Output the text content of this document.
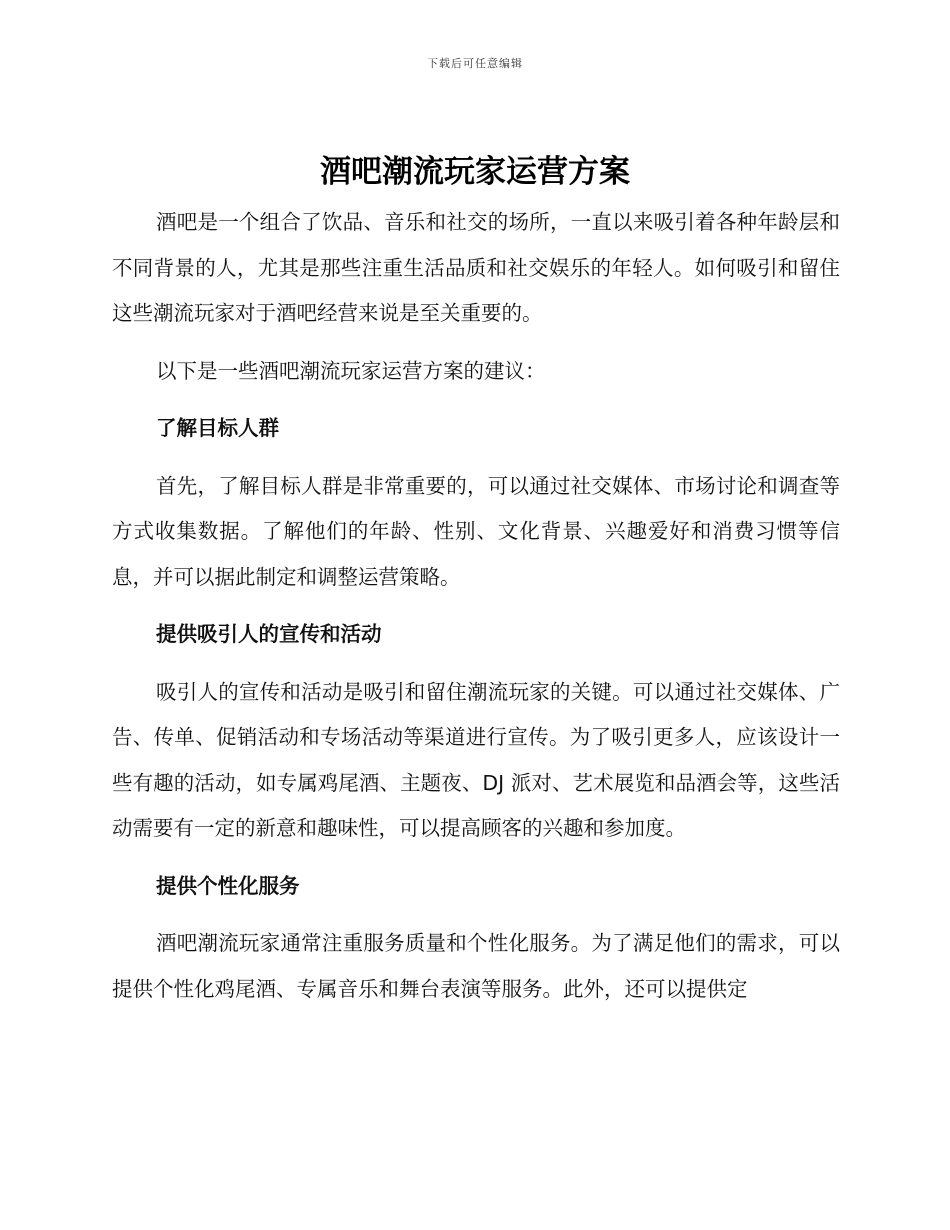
下载后可任意编辑
酒吧潮流玩家运营方案

酒吧是一个组合了饮品、音乐和社交的场所，一直以来吸引着各种年龄层和不同背景的人，尤其是那些注重生活品质和社交娱乐的年轻人。如何吸引和留住这些潮流玩家对于酒吧经营来说是至关重要的。

以下是一些酒吧潮流玩家运营方案的建议：

了解目标人群

首先，了解目标人群是非常重要的，可以通过社交媒体、市场讨论和调查等方式收集数据。了解他们的年龄、性别、文化背景、兴趣爱好和消费习惯等信息，并可以据此制定和调整运营策略。

提供吸引人的宣传和活动

吸引人的宣传和活动是吸引和留住潮流玩家的关键。可以通过社交媒体、广告、传单、促销活动和专场活动等渠道进行宣传。为了吸引更多人，应该设计一些有趣的活动，如专属鸡尾酒、主题夜、DJ 派对、艺术展览和品酒会等，这些活动需要有一定的新意和趣味性，可以提高顾客的兴趣和参加度。

提供个性化服务

酒吧潮流玩家通常注重服务质量和个性化服务。为了满足他们的需求，可以提供个性化鸡尾酒、专属音乐和舞台表演等服务。此外，还可以提供定
